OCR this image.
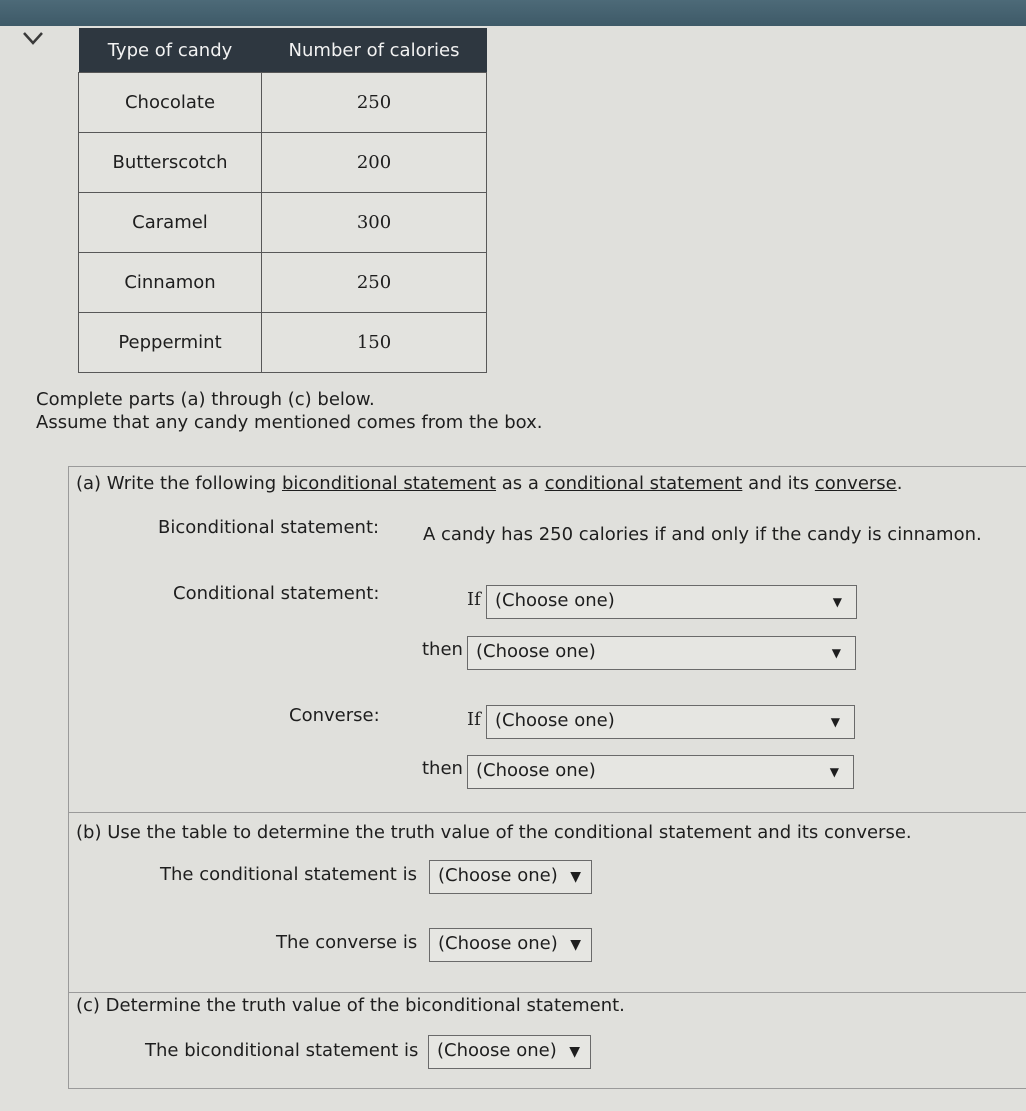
Type of candy	Number of calories
Chocolate	250
Butterscotch	200
Caramel	300
Cinnamon	250
Peppermint	150
Complete parts (a) through (c) below.
Assume that any candy mentioned comes from the box.
(a) Write the following biconditional statement as a conditional statement and its converse.
Biconditional statement: A candy has 250 calories if and only if the candy is cinnamon.
Conditional statement:	If (Choose one)	▼
then (Choose one)	▼
Converse:	If (Choose one)	▼
then (Choose one)	▼
(b) Use the table to determine the truth value of the conditional statement and its converse.
The conditional statement is	(Choose one) ▼
The converse is	(Choose one) ▼
(c) Determine the truth value of the biconditional statement.
The biconditional statement is	(Choose one) ▼
